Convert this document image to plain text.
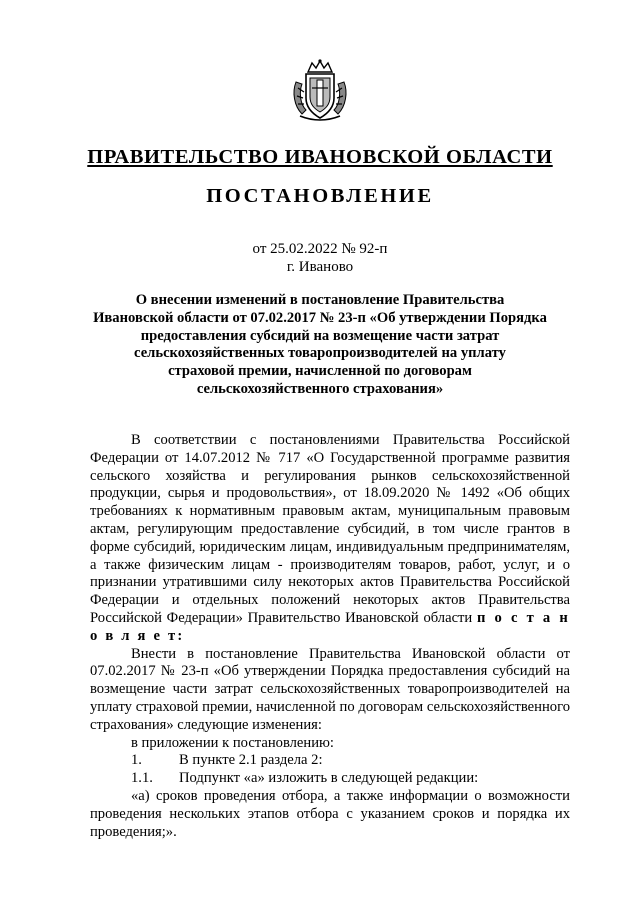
ПРАВИТЕЛЬСТВО ИВАНОВСКОЙ ОБЛАСТИ
ПОСТАНОВЛЕНИЕ
от 25.02.2022 № 92-п
г. Иваново
О внесении изменений в постановление Правительства
Ивановской области от 07.02.2017 № 23-п «Об утверждении Порядка
предоставления субсидий на возмещение части затрат
сельскохозяйственных товаропроизводителей на уплату
страховой премии, начисленной по договорам
сельскохозяйственного страхования»

В соответствии с постановлениями Правительства Российской Федерации от 14.07.2012 № 717 «О Государственной программе развития сельского хозяйства и регулирования рынков сельскохозяйственной продукции, сырья и продовольствия», от 18.09.2020 № 1492 «Об общих требованиях к нормативным правовым актам, муниципальным правовым актам, регулирующим предоставление субсидий, в том числе грантов в форме субсидий, юридическим лицам, индивидуальным предпринимателям, а также физическим лицам - производителям товаров, работ, услуг, и о признании утратившими силу некоторых актов Правительства Российской Федерации и отдельных положений некоторых актов Правительства Российской Федерации» Правительство Ивановской области п о с т а н о в л я е т:

Внести в постановление Правительства Ивановской области от 07.02.2017 № 23-п «Об утверждении Порядка предоставления субсидий на возмещение части затрат сельскохозяйственных товаропроизводителей на уплату страховой премии, начисленной по договорам сельскохозяйственного страхования» следующие изменения:

в приложении к постановлению:

1.	В пункте 2.1 раздела 2:

1.1. Подпункт «а» изложить в следующей редакции:

«а) сроков проведения отбора, а также информации о возможности проведения нескольких этапов отбора с указанием сроков и порядка их проведения;».
